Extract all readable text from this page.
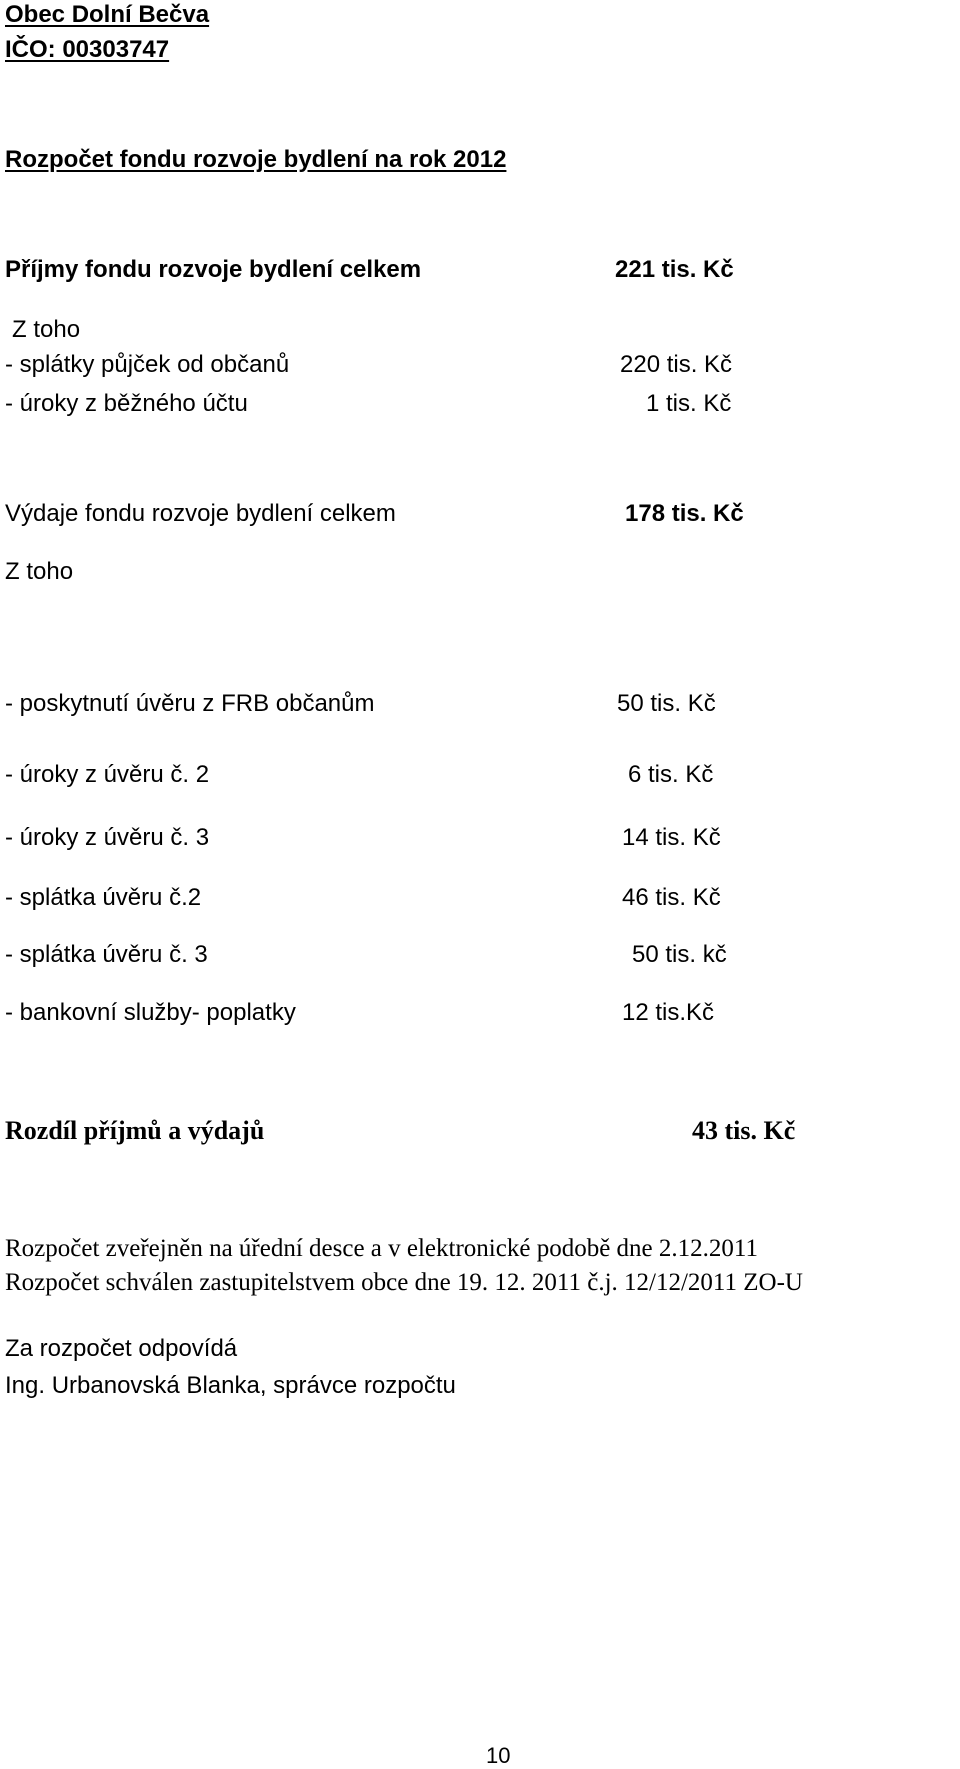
Obec Dolní Bečva
IČO: 00303747
Rozpočet fondu rozvoje bydlení na rok 2012
Příjmy fondu rozvoje bydlení celkem	221 tis. Kč
Z toho
- splátky půjček od občanů	220 tis. Kč
- úroky z běžného účtu	1 tis. Kč
Výdaje fondu rozvoje bydlení celkem	178 tis. Kč
Z toho
- poskytnutí úvěru z FRB občanům	50 tis. Kč
- úroky z úvěru č. 2	6 tis. Kč
- úroky z úvěru č. 3	14 tis. Kč
- splátka úvěru č.2	46 tis. Kč
- splátka úvěru č. 3	50 tis. kč
- bankovní služby- poplatky	12 tis.Kč
Rozdíl příjmů a výdajů	43 tis. Kč
Rozpočet zveřejněn na úřední desce a v elektronické podobě dne 2.12.2011
Rozpočet schválen zastupitelstvem obce dne 19. 12. 2011 č.j. 12/12/2011 ZO-U
Za rozpočet odpovídá
Ing. Urbanovská Blanka, správce rozpočtu
10
